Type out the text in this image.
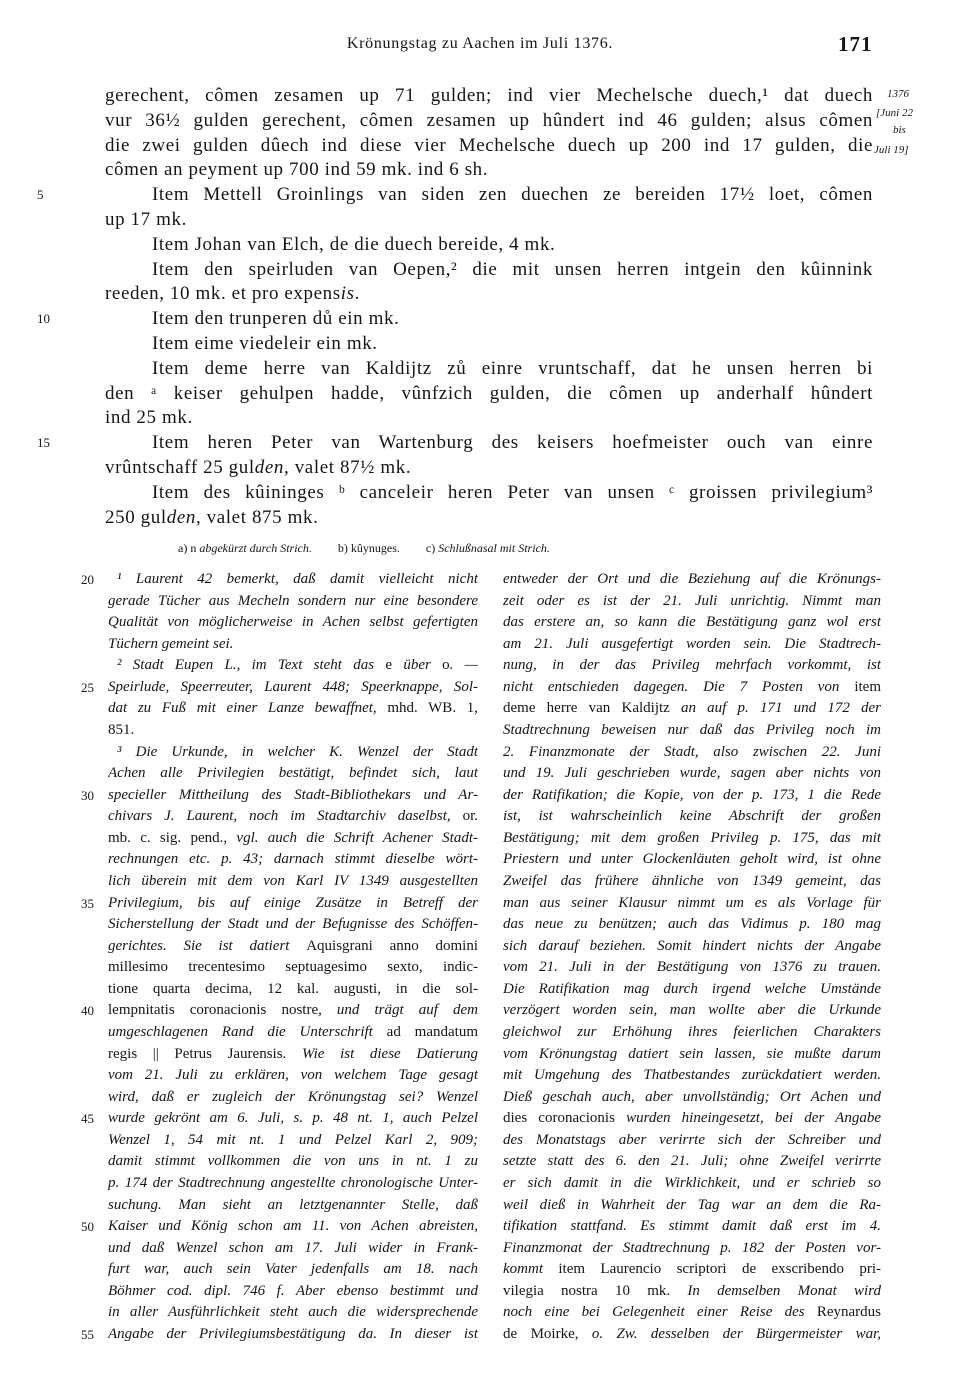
Krönungstag zu Aachen im Juli 1376.	171
5
10
15
gerechent, cômen zesamen up 71 gulden; ind vier Mechelsche duech,¹ dat duech
vur 36½ gulden gerechent, cômen zesamen up hûndert ind 46 gulden; alsus cômen
die zwei gulden dûech ind diese vier Mechelsche duech up 200 ind 17 gulden, die
cômen an peyment up 700 ind 59 mk. ind 6 sh.
Item Mettell Groinlings van siden zen duechen ze bereiden 17½ loet, cômen
up 17 mk.
Item Johan van Elch, de die duech bereide, 4 mk.
Item den speirluden van Oepen,² die mit unsen herren intgein den kûinnink
reeden, 10 mk. et pro expensis.
Item den trunperen dů ein mk.
Item eime viedeleir ein mk.
Item deme herre van Kaldijtz zů einre vruntschaff, dat he unsen herren bi
den ᵃ keiser gehulpen hadde, vûnfzich gulden, die cômen up anderhalf hûndert
ind 25 mk.
Item heren Peter van Wartenburg des keisers hoefmeister ouch van einre
vrûntschaff 25 gulden, valet 87½ mk.
Item des kûininges ᵇ canceleir heren Peter van unsen ᶜ groissen privilegium³
250 gulden, valet 875 mk.
1376
[Juni 22
bis
Juli 19]
a) n abgekürzt durch Strich. b) kûynuges. c) Schlußnasal mit Strich.
20
25
30
35
40
45
50
55
¹ Laurent 42 bemerkt, daß damit vielleicht nicht
gerade Tücher aus Mecheln sondern nur eine besondere
Qualität von möglicherweise in Achen selbst gefertigten
Tüchern gemeint sei.
² Stadt Eupen L., im Text steht das e über o. —
Speirlude, Speerreuter, Laurent 448; Speerknappe, Sol-
dat zu Fuß mit einer Lanze bewaffnet, mhd. WB. 1,
851.
³ Die Urkunde, in welcher K. Wenzel der Stadt
Achen alle Privilegien bestätigt, befindet sich, laut
specieller Mittheilung des Stadt-Bibliothekars und Ar-
chivars J. Laurent, noch im Stadtarchiv daselbst, or.
mb. c. sig. pend., vgl. auch die Schrift Achener Stadt-
rechnungen etc. p. 43; darnach stimmt dieselbe wört-
lich überein mit dem von Karl IV 1349 ausgestellten
Privilegium, bis auf einige Zusätze in Betreff der
Sicherstellung der Stadt und der Befugnisse des Schöffen-
gerichtes. Sie ist datiert Aquisgrani anno domini
millesimo trecentesimo septuagesimo sexto, indic-
tione quarta decima, 12 kal. augusti, in die sol-
lempnitatis coronacionis nostre, und trägt auf dem
umgeschlagenen Rand die Unterschrift ad mandatum
regis || Petrus Jaurensis. Wie ist diese Datierung
vom 21. Juli zu erklären, von welchem Tage gesagt
wird, daß er zugleich der Krönungstag sei? Wenzel
wurde gekrönt am 6. Juli, s. p. 48 nt. 1, auch Pelzel
Wenzel 1, 54 mit nt. 1 und Pelzel Karl 2, 909;
damit stimmt vollkommen die von uns in nt. 1 zu
p. 174 der Stadtrechnung angestellte chronologische Unter-
suchung. Man sieht an letztgenannter Stelle, daß
Kaiser und König schon am 11. von Achen abreisten,
und daß Wenzel schon am 17. Juli wider in Frank-
furt war, auch sein Vater jedenfalls am 18. nach
Böhmer cod. dipl. 746 f. Aber ebenso bestimmt und
in aller Ausführlichkeit steht auch die widersprechende
Angabe der Privilegiumsbestätigung da. In dieser ist
entweder der Ort und die Beziehung auf die Krönungs-
zeit oder es ist der 21. Juli unrichtig. Nimmt man
das erstere an, so kann die Bestätigung ganz wol erst
am 21. Juli ausgefertigt worden sein. Die Stadtrech-
nung, in der das Privileg mehrfach vorkommt, ist
nicht entschieden dagegen. Die 7 Posten von item
deme herre van Kaldijtz an auf p. 171 und 172 der
Stadtrechnung beweisen nur daß das Privileg noch im
2. Finanzmonate der Stadt, also zwischen 22. Juni
und 19. Juli geschrieben wurde, sagen aber nichts von
der Ratifikation; die Kopie, von der p. 173, 1 die Rede
ist, ist wahrscheinlich keine Abschrift der großen
Bestätigung; mit dem großen Privileg p. 175, das mit
Priestern und unter Glockenläuten geholt wird, ist ohne
Zweifel das frühere ähnliche von 1349 gemeint, das
man aus seiner Klausur nimmt um es als Vorlage für
das neue zu benützen; auch das Vidimus p. 180 mag
sich darauf beziehen. Somit hindert nichts der Angabe
vom 21. Juli in der Bestätigung von 1376 zu trauen.
Die Ratifikation mag durch irgend welche Umstände
verzögert worden sein, man wollte aber die Urkunde
gleichwol zur Erhöhung ihres feierlichen Charakters
vom Krönungstag datiert sein lassen, sie mußte darum
mit Umgehung des Thatbestandes zurückdatiert werden.
Dieß geschah auch, aber unvollständig; Ort Achen und
dies coronacionis wurden hineingesetzt, bei der Angabe
des Monatstags aber verirrte sich der Schreiber und
setzte statt des 6. den 21. Juli; ohne Zweifel verirrte
er sich damit in die Wirklichkeit, und er schrieb so
weil dieß in Wahrheit der Tag war an dem die Ra-
tifikation stattfand. Es stimmt damit daß erst im 4.
Finanzmonat der Stadtrechnung p. 182 der Posten vor-
kommt item Laurencio scriptori de exscribendo pri-
vilegia nostra 10 mk. In demselben Monat wird
noch eine bei Gelegenheit einer Reise des Reynardus
de Moirke, o. Zw. desselben der Bürgermeister war,
